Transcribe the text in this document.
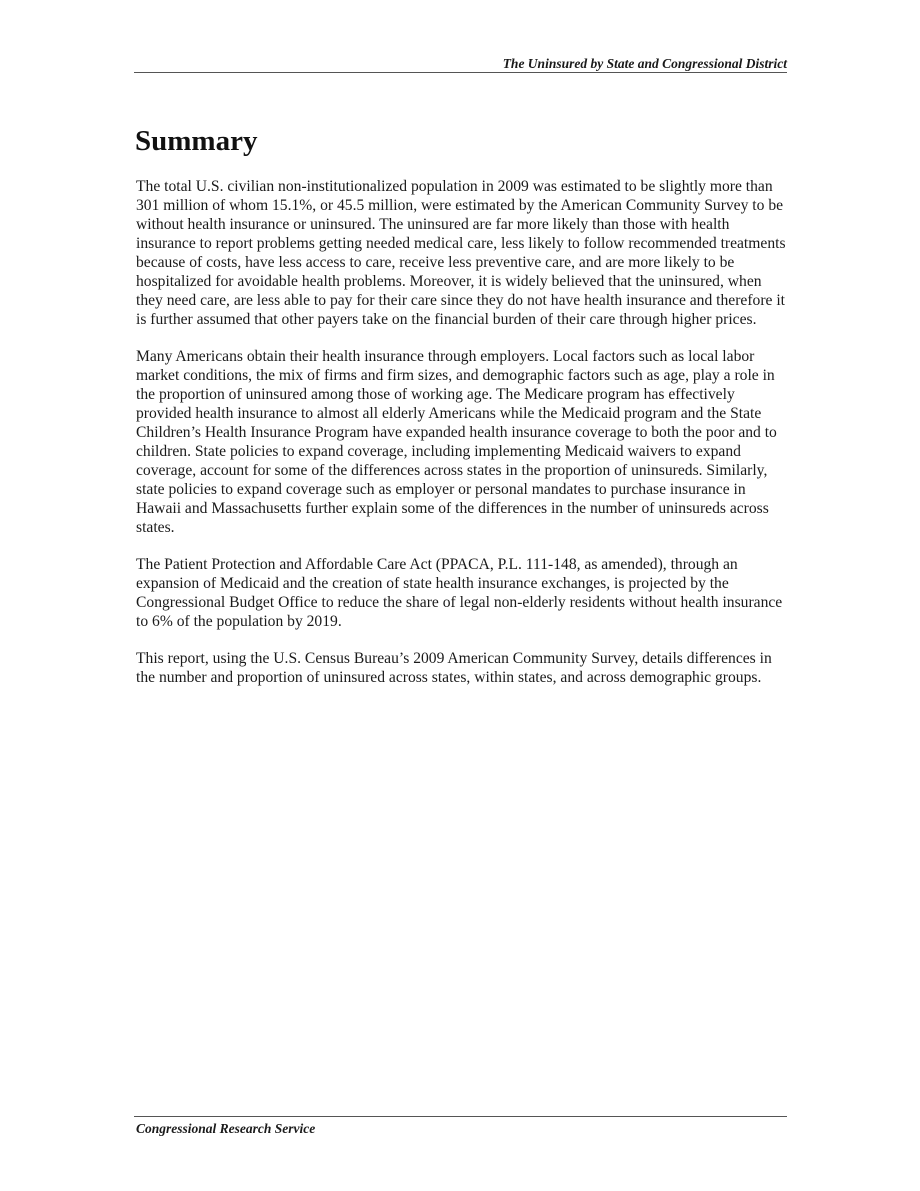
The Uninsured by State and Congressional District
Summary

The total U.S. civilian non-institutionalized population in 2009 was estimated to be slightly more than 301 million of whom 15.1%, or 45.5 million, were estimated by the American Community Survey to be without health insurance or uninsured. The uninsured are far more likely than those with health insurance to report problems getting needed medical care, less likely to follow recommended treatments because of costs, have less access to care, receive less preventive care, and are more likely to be hospitalized for avoidable health problems. Moreover, it is widely believed that the uninsured, when they need care, are less able to pay for their care since they do not have health insurance and therefore it is further assumed that other payers take on the financial burden of their care through higher prices.

Many Americans obtain their health insurance through employers. Local factors such as local labor market conditions, the mix of firms and firm sizes, and demographic factors such as age, play a role in the proportion of uninsured among those of working age. The Medicare program has effectively provided health insurance to almost all elderly Americans while the Medicaid program and the State Children’s Health Insurance Program have expanded health insurance coverage to both the poor and to children. State policies to expand coverage, including implementing Medicaid waivers to expand coverage, account for some of the differences across states in the proportion of uninsureds. Similarly, state policies to expand coverage such as employer or personal mandates to purchase insurance in Hawaii and Massachusetts further explain some of the differences in the number of uninsureds across states.

The Patient Protection and Affordable Care Act (PPACA, P.L. 111-148, as amended), through an expansion of Medicaid and the creation of state health insurance exchanges, is projected by the Congressional Budget Office to reduce the share of legal non-elderly residents without health insurance to 6% of the population by 2019.

This report, using the U.S. Census Bureau’s 2009 American Community Survey, details differences in the number and proportion of uninsured across states, within states, and across demographic groups.

Congressional Research Service
